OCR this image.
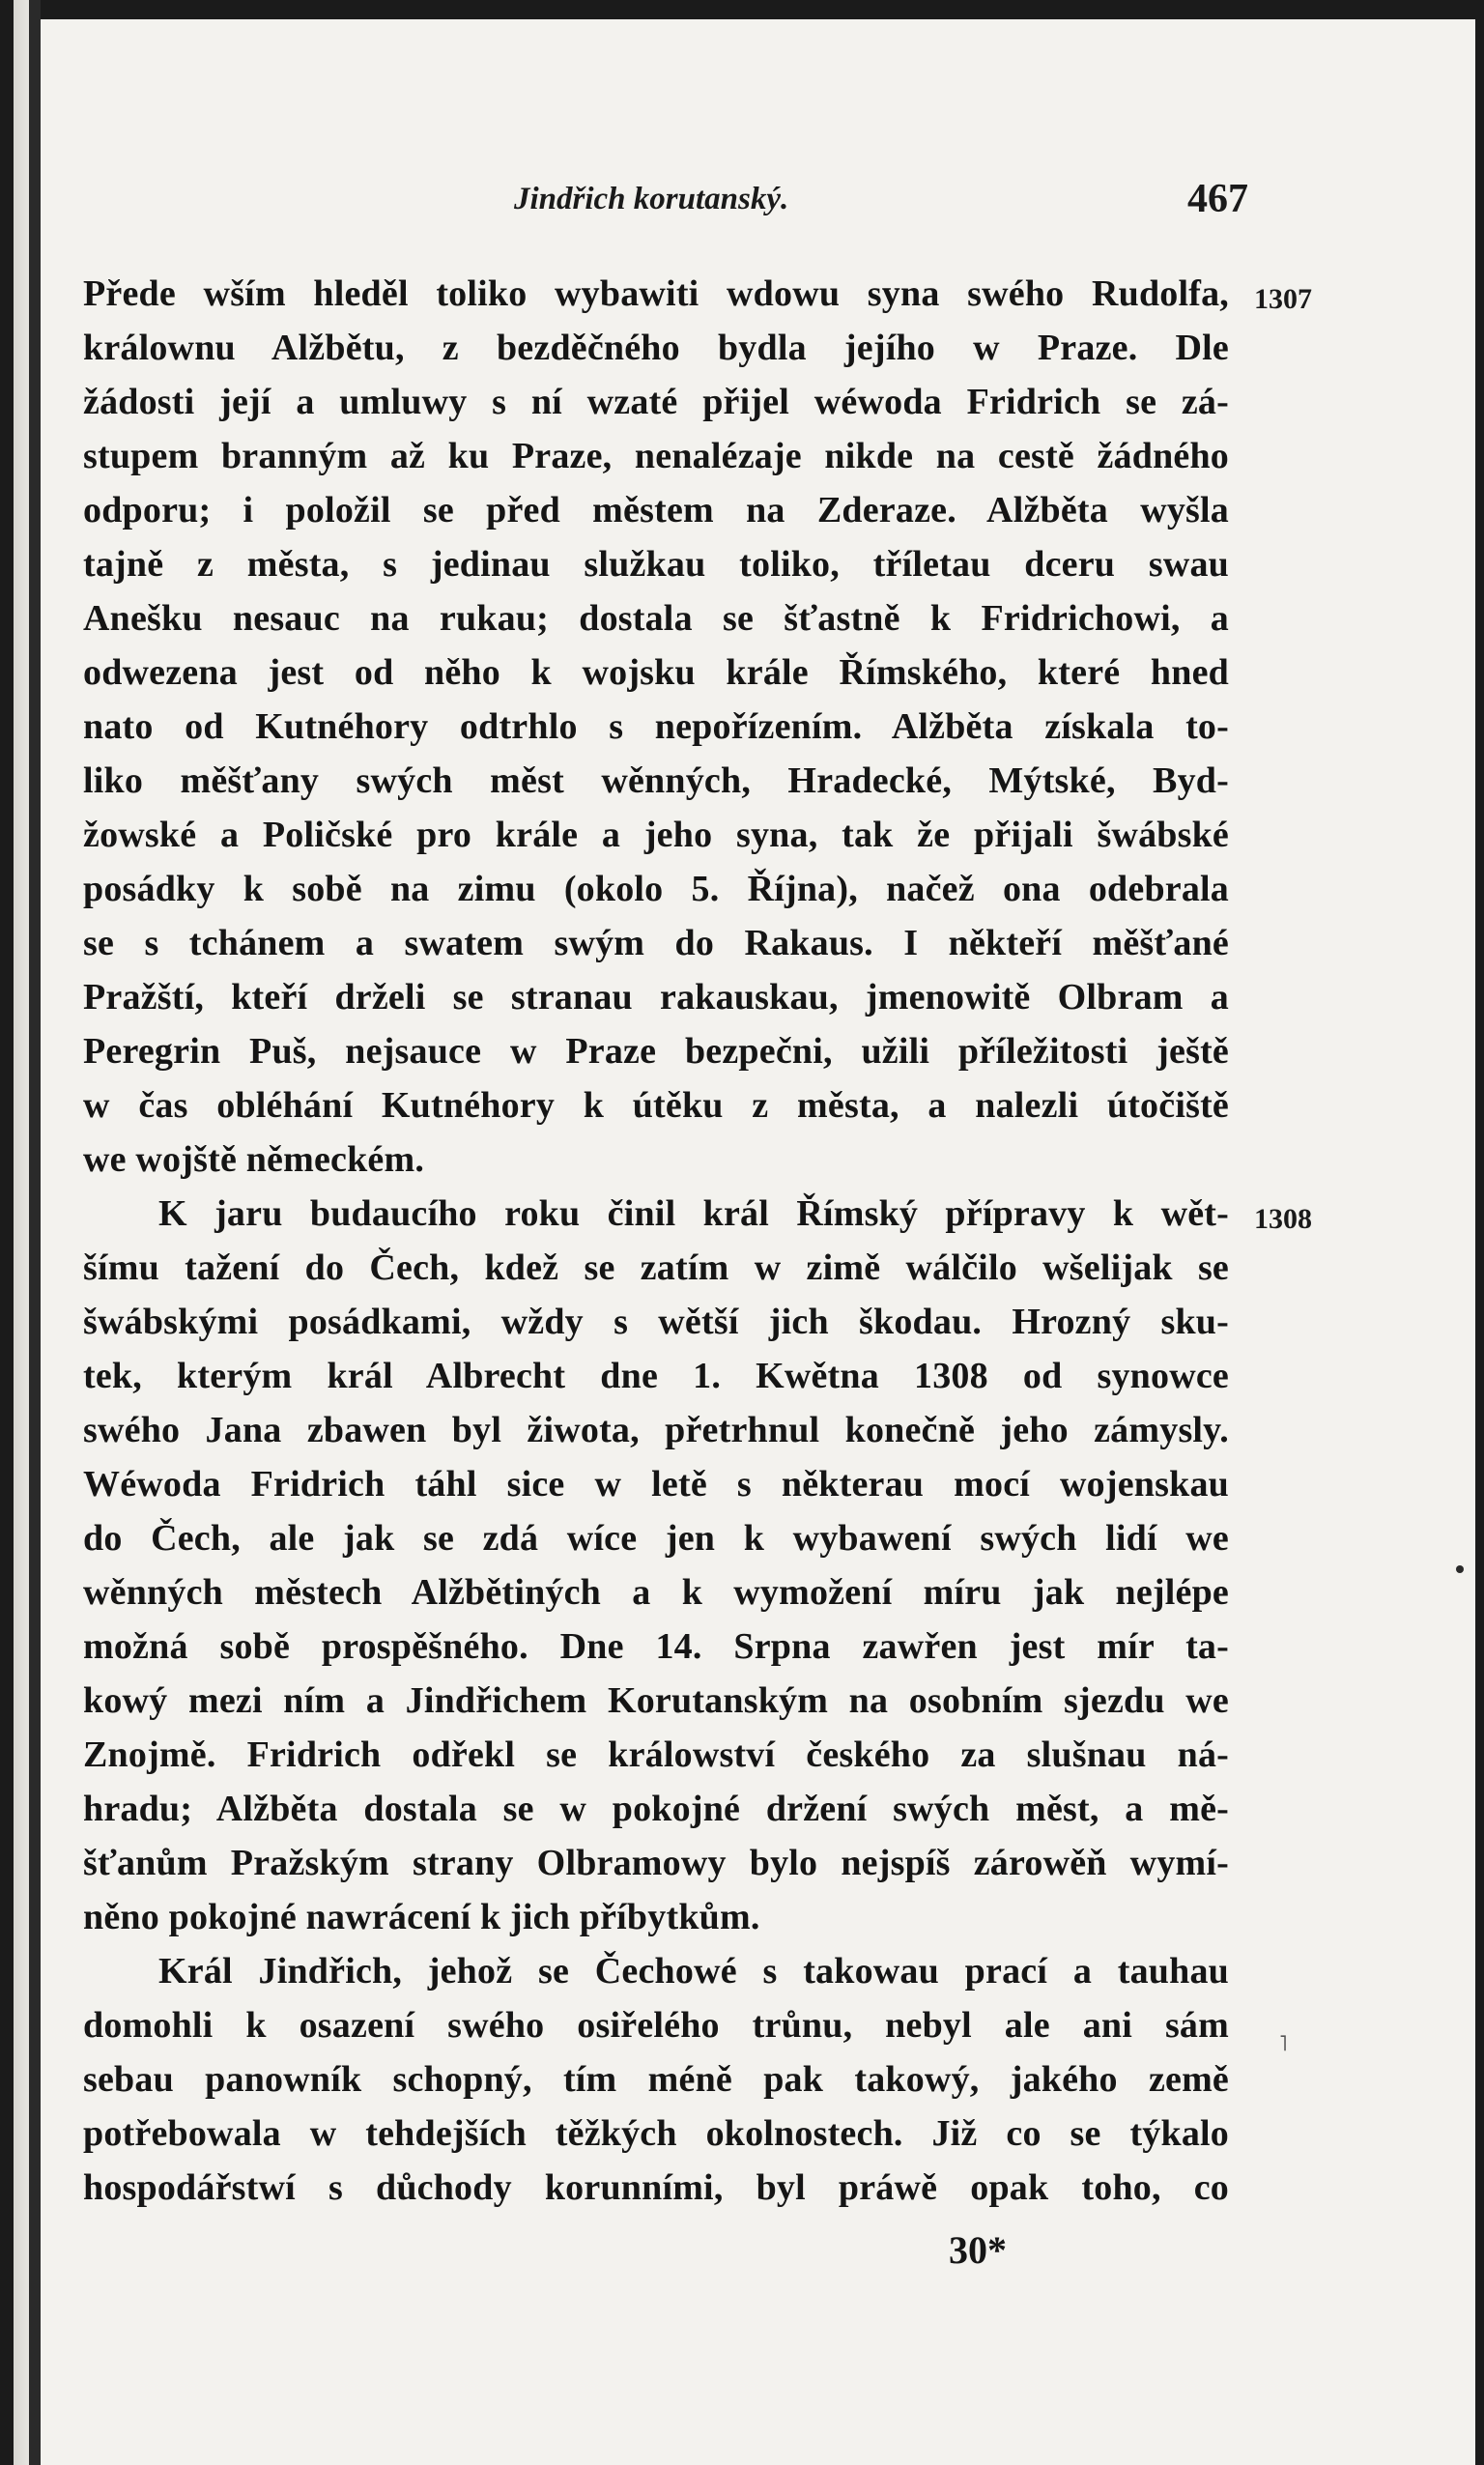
Jindřich korutanský.	467
1307
1308
Přede wším hleděl toliko wybawiti wdowu syna swého Rudolfa,
králownu Alžbětu, z bezděčného bydla jejího w Praze. Dle
žádosti její a umluwy s ní wzaté přijel wéwoda Fridrich se zá-
stupem branným až ku Praze, nenalézaje nikde na cestě žádného
odporu; i položil se před městem na Zderaze. Alžběta wyšla
tajně z města, s jedinau služkau toliko, tříletau dceru swau
Anešku nesauc na rukau; dostala se šťastně k Fridrichowi, a
odwezena jest od něho k wojsku krále Římského, které hned
nato od Kutnéhory odtrhlo s nepořízením. Alžběta získala to-
liko měšťany swých měst wěnných, Hradecké, Mýtské, Byd-
žowské a Poličské pro krále a jeho syna, tak že přijali šwábské
posádky k sobě na zimu (okolo 5. Října), načež ona odebrala
se s tchánem a swatem swým do Rakaus. I někteří měšťané
Pražští, kteří drželi se stranau rakauskau, jmenowitě Olbram a
Peregrin Puš, nejsauce w Praze bezpečni, užili příležitosti ještě
w čas obléhání Kutnéhory k útěku z města, a nalezli útočiště
we wojště německém.
K jaru budaucího roku činil král Římský přípravy k wět-
šímu tažení do Čech, kdež se zatím w zimě wálčilo wšelijak se
šwábskými posádkami, wždy s wětší jich škodau. Hrozný sku-
tek, kterým král Albrecht dne 1. Kwětna 1308 od synowce
swého Jana zbawen byl žiwota, přetrhnul konečně jeho zámysly.
Wéwoda Fridrich táhl sice w letě s některau mocí wojenskau
do Čech, ale jak se zdá wíce jen k wybawení swých lidí we
wěnných městech Alžbětiných a k wymožení míru jak nejlépe
možná sobě prospěšného. Dne 14. Srpna zawřen jest mír ta-
kowý mezi ním a Jindřichem Korutanským na osobním sjezdu we
Znojmě. Fridrich odřekl se králowství českého za slušnau ná-
hradu; Alžběta dostala se w pokojné držení swých měst, a mě-
šťanům Pražským strany Olbramowy bylo nejspíš zárowěň wymí-
něno pokojné nawrácení k jich příbytkům.
Král Jindřich, jehož se Čechowé s takowau prací a tauhau
domohli k osazení swého osiřelého trůnu, nebyl ale ani sám
sebau panowník schopný, tím méně pak takowý, jakého země
potřebowala w tehdejších těžkých okolnostech. Již co se týkalo
hospodářstwí s důchody korunními, byl práwě opak toho, co
30*
˥
